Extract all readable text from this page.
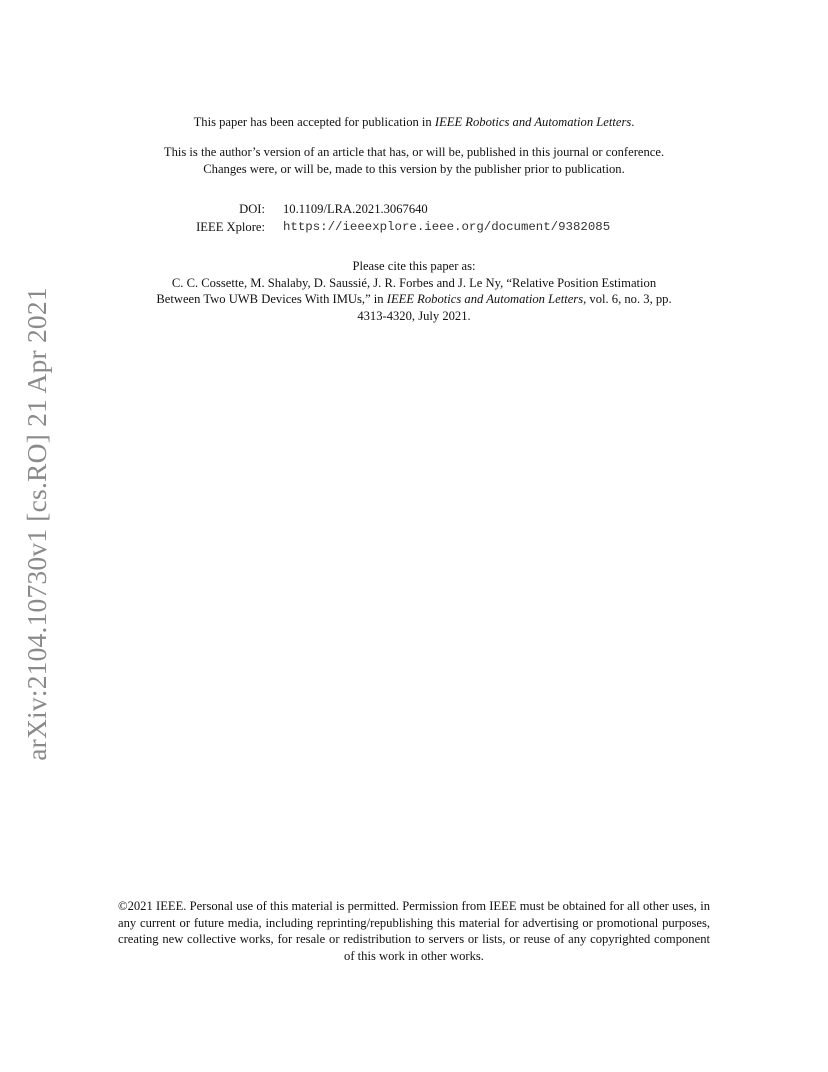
arXiv:2104.10730v1 [cs.RO] 21 Apr 2021
This paper has been accepted for publication in IEEE Robotics and Automation Letters.
This is the author’s version of an article that has, or will be, published in this journal or conference.
Changes were, or will be, made to this version by the publisher prior to publication.
DOI: 10.1109/LRA.2021.3067640
IEEE Xplore: https://ieeexplore.ieee.org/document/9382085
Please cite this paper as:
C. C. Cossette, M. Shalaby, D. Saussié, J. R. Forbes and J. Le Ny, “Relative Position Estimation
Between Two UWB Devices With IMUs,” in IEEE Robotics and Automation Letters, vol. 6, no. 3, pp.
4313-4320, July 2021.
©2021 IEEE. Personal use of this material is permitted. Permission from IEEE must be obtained for all other uses, in any current or future media, including reprinting/republishing this material for advertising or promotional purposes, creating new collective works, for resale or redistribution to servers or lists, or reuse of any copyrighted component of this work in other works.
